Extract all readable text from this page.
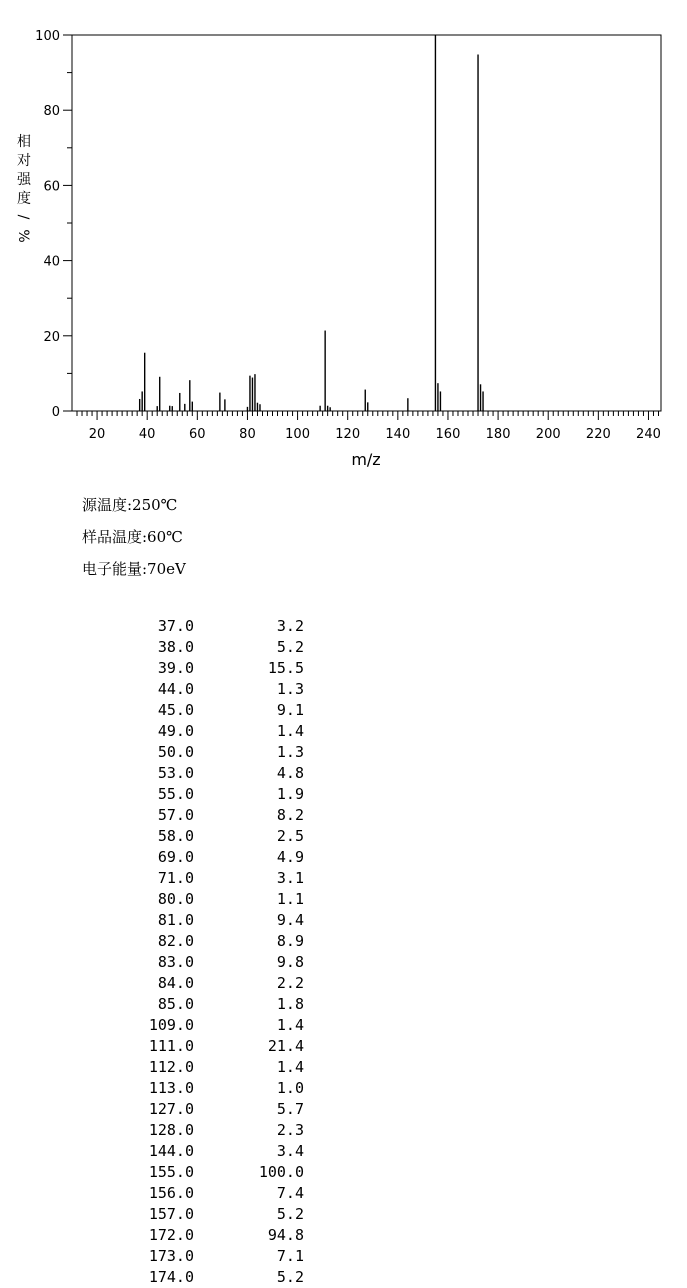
0
20
40
60
80
100
20	40	60	80 100 120 140 160 180 200 220 240
m/z
相
对
强
度
/
%
源温度:250℃
样品温度:60℃
电子能量:70eV
37.0	3.2
38.0	5.2
39.0	15.5
44.0	1.3
45.0	9.1
49.0	1.4
50.0	1.3
53.0	4.8
55.0	1.9
57.0	8.2
58.0	2.5
69.0	4.9
71.0	3.1
80.0	1.1
81.0	9.4
82.0	8.9
83.0	9.8
84.0	2.2
85.0	1.8
109.0	1.4
111.0	21.4
112.0	1.4
113.0	1.0
127.0	5.7
128.0	2.3
144.0	3.4
155.0	100.0
156.0	7.4
157.0	5.2
172.0	94.8
173.0	7.1
174.0	5.2
